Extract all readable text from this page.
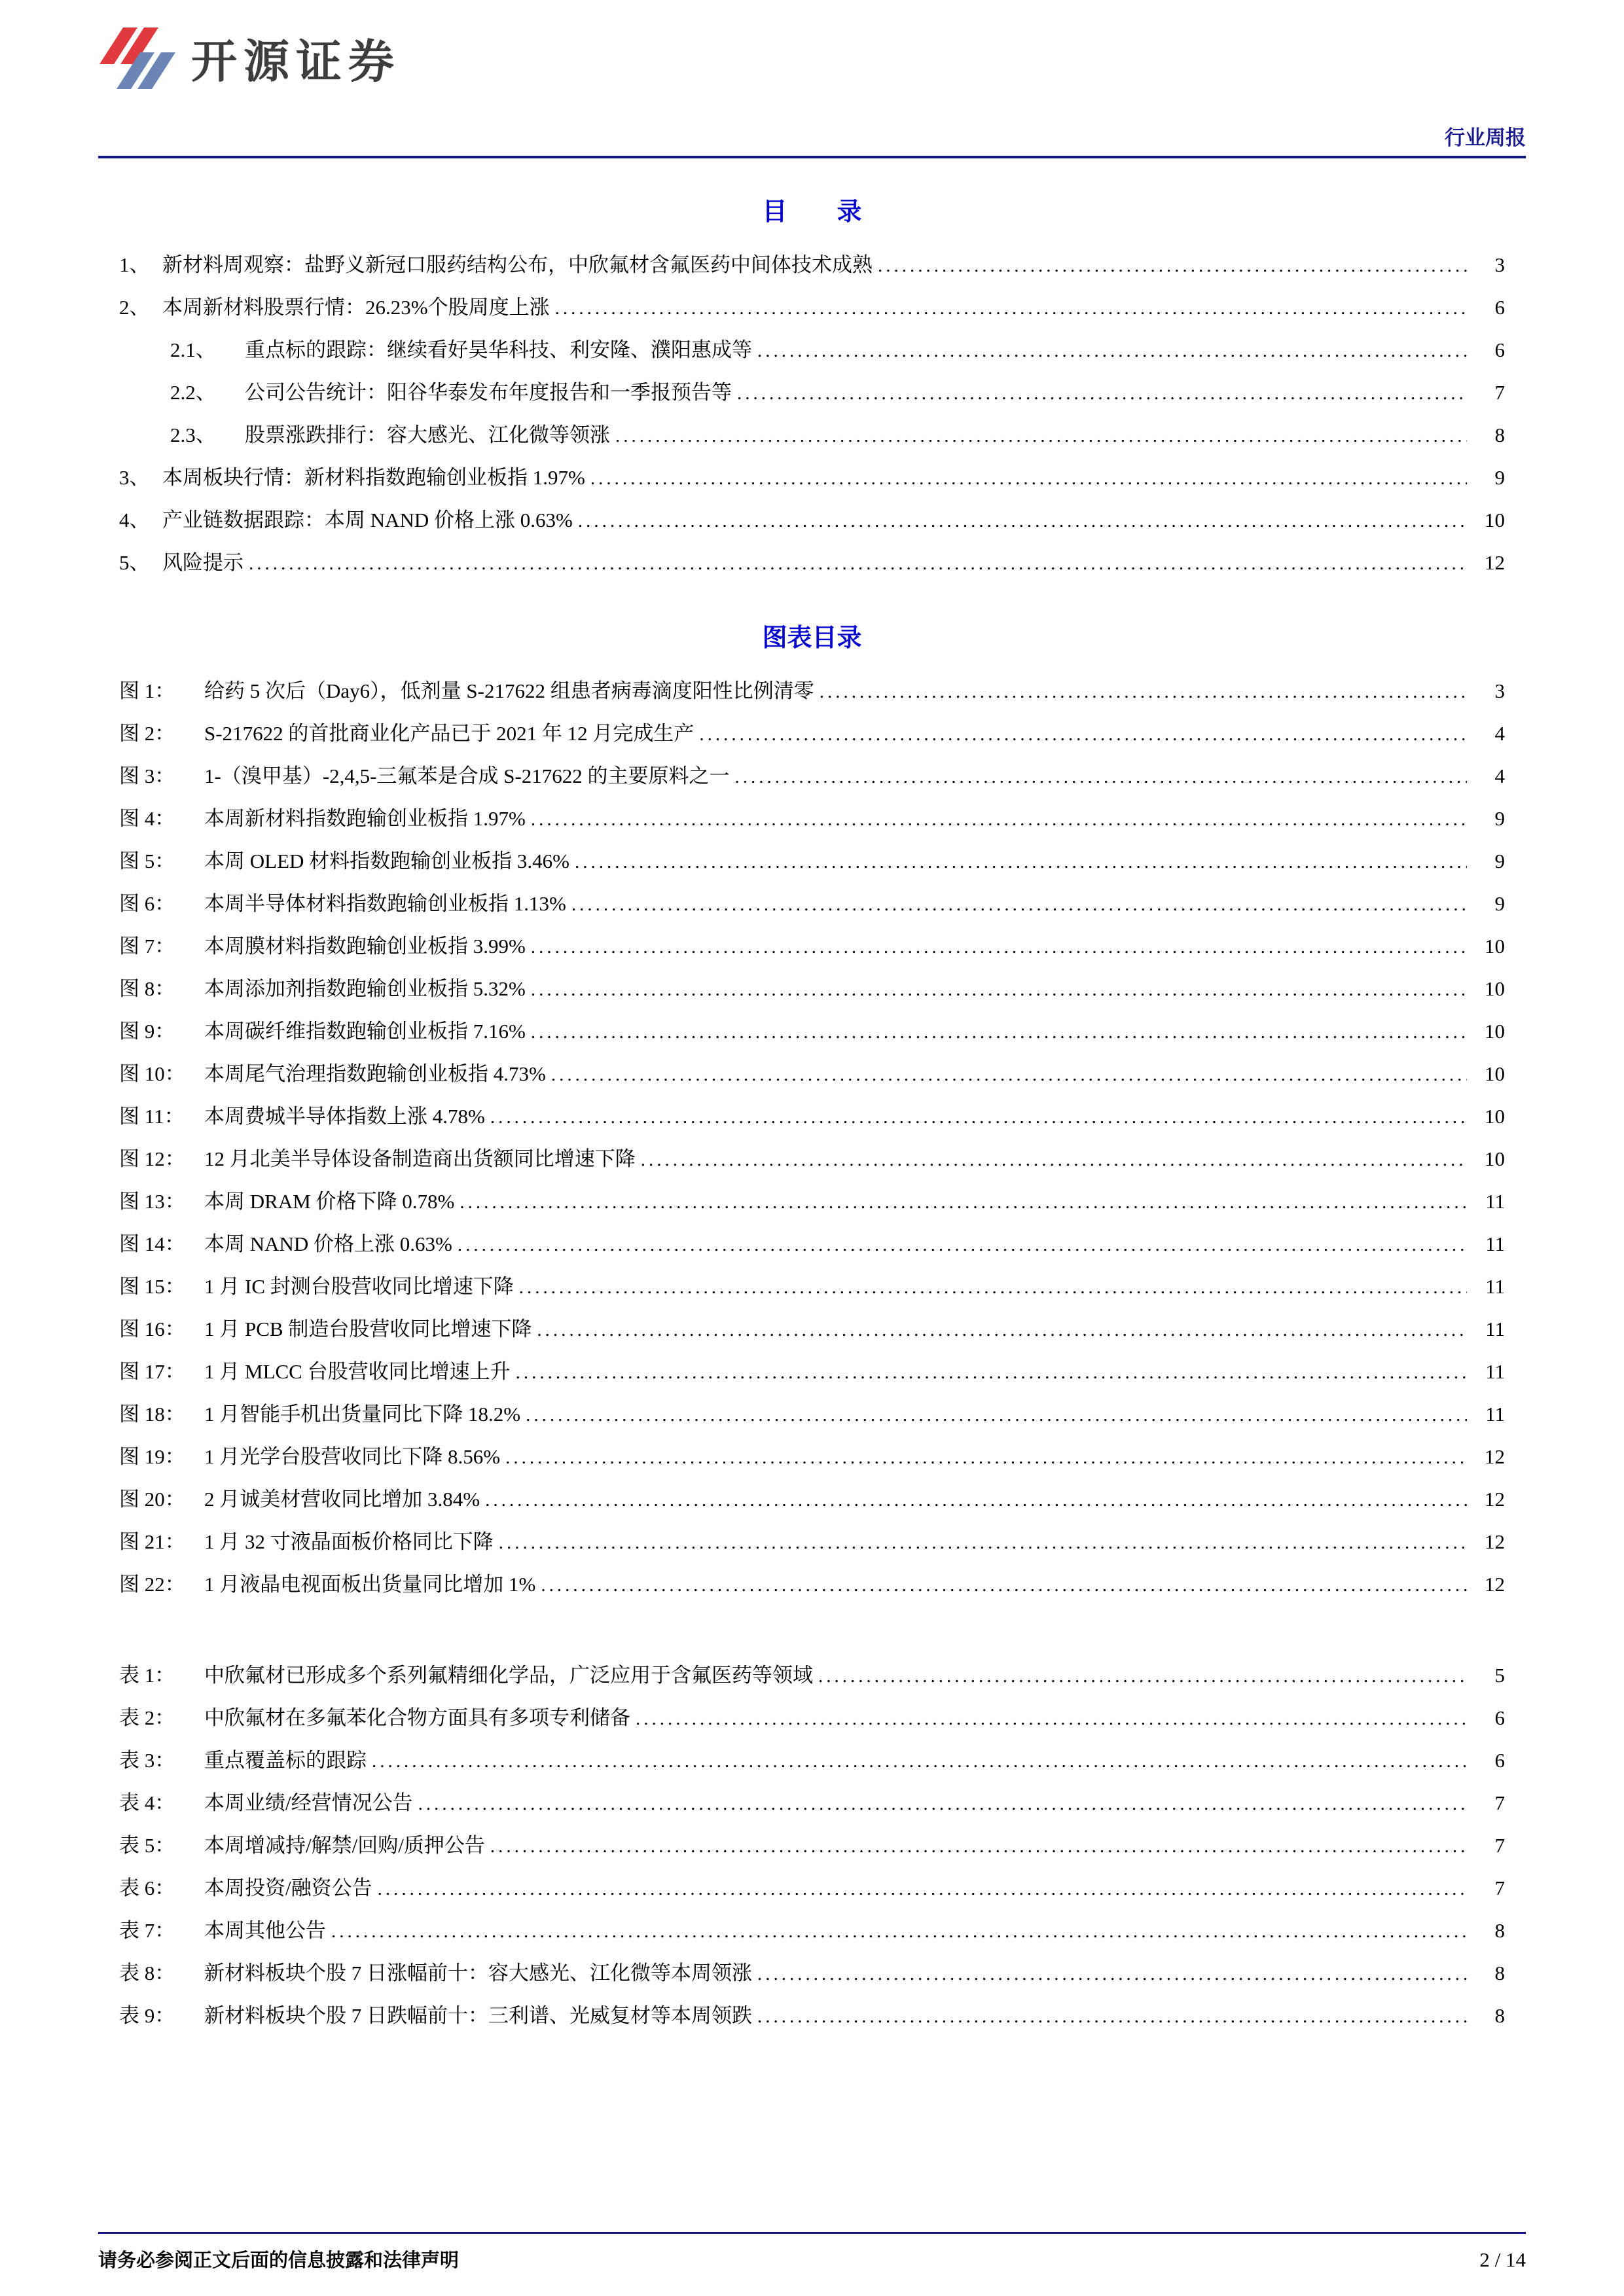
开源证券
行业周报
目　　录
1、 新材料周观察：盐野义新冠口服药结构公布，中欣氟材含氟医药中间体技术成熟 .....	3
2、 本周新材料股票行情：26.23%个股周度上涨 .....	6
2.1、	重点标的跟踪：继续看好昊华科技、利安隆、濮阳惠成等 .....	6
2.2、	公司公告统计：阳谷华泰发布年度报告和一季报预告等 .....	7
2.3、	股票涨跌排行：容大感光、江化微等领涨 .....	8
3、 本周板块行情：新材料指数跑输创业板指 1.97% .....	9
4、 产业链数据跟踪：本周 NAND 价格上涨 0.63% .....	10
5、 风险提示 .....	12
图表目录
图 1：	给药 5 次后（Day6），低剂量 S-217622 组患者病毒滴度阳性比例清零 .....	3
图 2：	S-217622 的首批商业化产品已于 2021 年 12 月完成生产 .....	4
图 3：	1-（溴甲基）-2,4,5-三氟苯是合成 S-217622 的主要原料之一 .....	4
图 4：	本周新材料指数跑输创业板指 1.97% .....	9
图 5：	本周 OLED 材料指数跑输创业板指 3.46% .....	9
图 6：	本周半导体材料指数跑输创业板指 1.13% .....	9
图 7：	本周膜材料指数跑输创业板指 3.99% .....	10
图 8：	本周添加剂指数跑输创业板指 5.32% .....	10
图 9：	本周碳纤维指数跑输创业板指 7.16% .....	10
图 10： 本周尾气治理指数跑输创业板指 4.73% .....	10
图 11： 本周费城半导体指数上涨 4.78% .....	10
图 12： 12 月北美半导体设备制造商出货额同比增速下降 .....	10
图 13： 本周 DRAM 价格下降 0.78% .....	11
图 14： 本周 NAND 价格上涨 0.63% .....	11
图 15： 1 月 IC 封测台股营收同比增速下降 .....	11
图 16： 1 月 PCB 制造台股营收同比增速下降 .....	11
图 17： 1 月 MLCC 台股营收同比增速上升 .....	11
图 18： 1 月智能手机出货量同比下降 18.2% .....	11
图 19： 1 月光学台股营收同比下降 8.56% .....	12
图 20： 2 月诚美材营收同比增加 3.84% .....	12
图 21： 1 月 32 寸液晶面板价格同比下降 .....	12
图 22： 1 月液晶电视面板出货量同比增加 1% .....	12
表 1：	中欣氟材已形成多个系列氟精细化学品，广泛应用于含氟医药等领域 .....	5
表 2：	中欣氟材在多氟苯化合物方面具有多项专利储备 .....	6
表 3：	重点覆盖标的跟踪 .....	6
表 4：	本周业绩/经营情况公告 .....	7
表 5：	本周增减持/解禁/回购/质押公告 .....	7
表 6：	本周投资/融资公告 .....	7
表 7：	本周其他公告 .....	8
表 8：	新材料板块个股 7 日涨幅前十：容大感光、江化微等本周领涨 .....	8
表 9：	新材料板块个股 7 日跌幅前十：三利谱、光威复材等本周领跌 .....	8
请务必参阅正文后面的信息披露和法律声明	2 / 14
